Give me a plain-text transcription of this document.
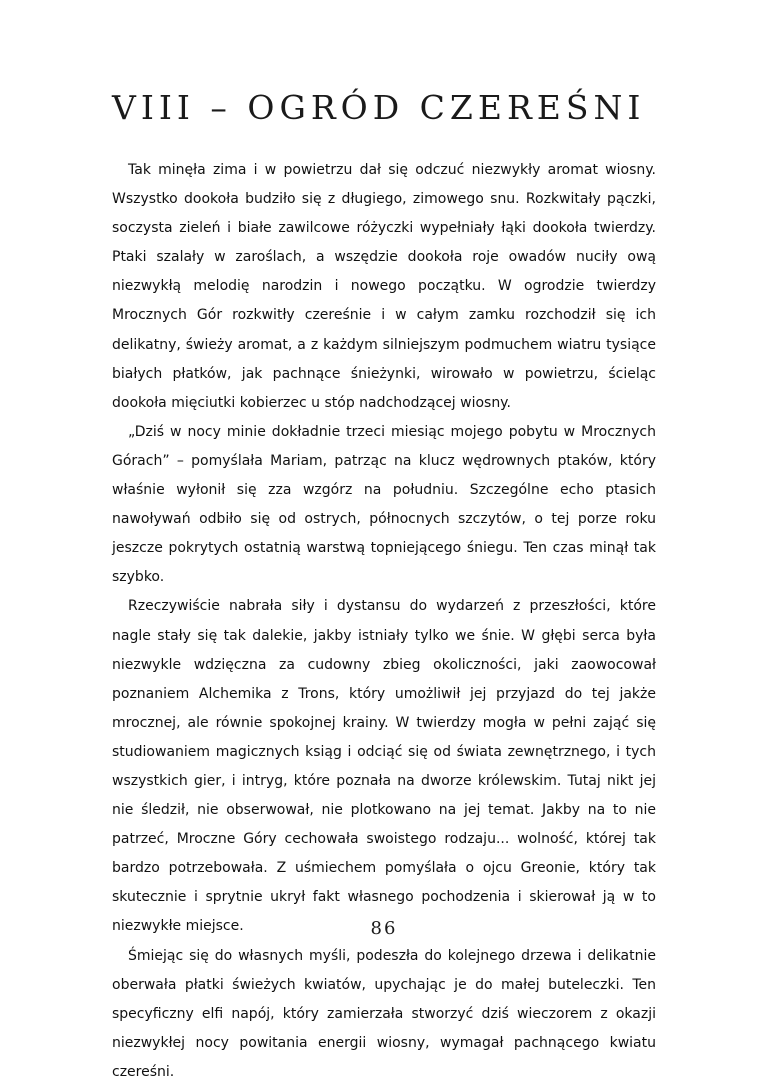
VIII – OGRÓD CZEREŚNI

Tak minęła zima i w powietrzu dał się odczuć niezwykły aromat wiosny. Wszystko dookoła budziło się z długiego, zimowego snu. Rozkwitały pączki, soczysta zieleń i białe zawilcowe różyczki wypełniały łąki dookoła twierdzy. Ptaki szalały w zaroślach, a wszędzie dookoła roje owadów nuciły ową niezwykłą melodię narodzin i nowego początku. W ogrodzie twierdzy Mrocznych Gór rozkwitły czereśnie i w całym zamku rozchodził się ich delikatny, świeży aromat, a z każdym silniejszym podmuchem wiatru tysiące białych płatków, jak pachnące śnieżynki, wirowało w powietrzu, ścieląc dookoła mięciutki kobierzec u stóp nadchodzącej wiosny.

„Dziś w nocy minie dokładnie trzeci miesiąc mojego pobytu w Mrocznych Górach” – pomyślała Mariam, patrząc na klucz wędrownych ptaków, który właśnie wyłonił się zza wzgórz na południu. Szczególne echo ptasich nawoływań odbiło się od ostrych, północnych szczytów, o tej porze roku jeszcze pokrytych ostatnią warstwą topniejącego śniegu. Ten czas minął tak szybko.

Rzeczywiście nabrała siły i dystansu do wydarzeń z przeszłości, które nagle stały się tak dalekie, jakby istniały tylko we śnie. W głębi serca była niezwykle wdzięczna za cudowny zbieg okoliczności, jaki zaowocował poznaniem Alchemika z Trons, który umożliwił jej przyjazd do tej jakże mrocznej, ale równie spokojnej krainy. W twierdzy mogła w pełni zająć się studiowaniem magicznych ksiąg i odciąć się od świata zewnętrznego, i tych wszystkich gier, i intryg, które poznała na dworze królewskim. Tutaj nikt jej nie śledził, nie obserwował, nie plotkowano na jej temat. Jakby na to nie patrzeć, Mroczne Góry cechowała swoistego rodzaju... wolność, której tak bardzo potrzebowała. Z uśmiechem pomyślała o ojcu Greonie, który tak skutecznie i sprytnie ukrył fakt własnego pochodzenia i skierował ją w to niezwykłe miejsce.

Śmiejąc się do własnych myśli, podeszła do kolejnego drzewa i delikatnie oberwała płatki świeżych kwiatów, upychając je do małej buteleczki. Ten specyficzny elfi napój, który zamierzała stworzyć dziś wieczorem z okazji niezwykłej nocy powitania energii wiosny, wymagał pachnącego kwiatu czereśni.

86
